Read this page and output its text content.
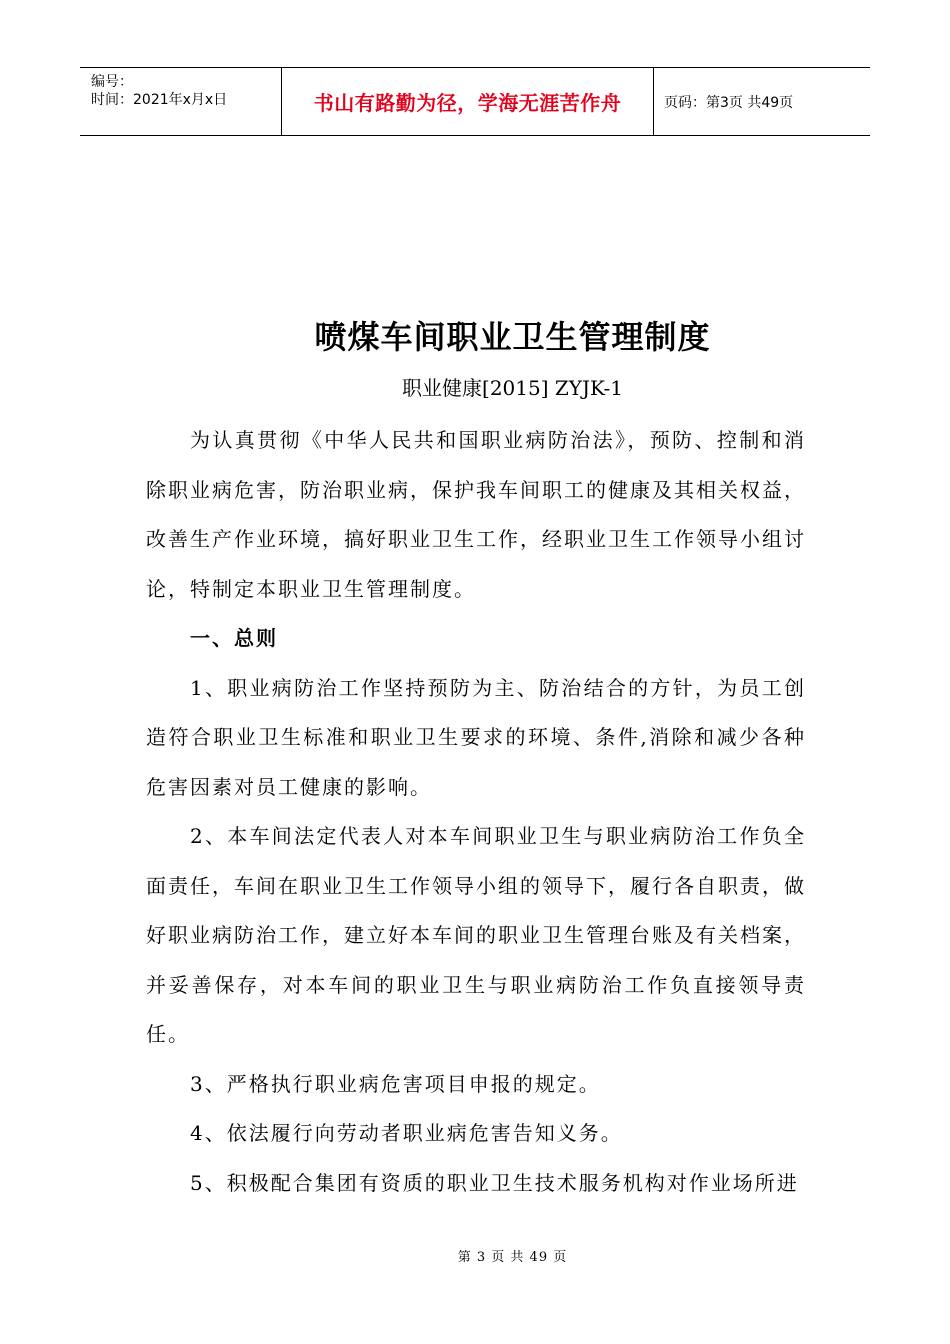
编号：
时间：2021年x月x日	书山有路勤为径，学海无涯苦作舟	页码：第3页 共49页
喷煤车间职业卫生管理制度
职业健康[2015] ZYJK-1

为认真贯彻《中华人民共和国职业病防治法》，预防、控制和消除职业病危害，防治职业病，保护我车间职工的健康及其相关权益，改善生产作业环境，搞好职业卫生工作，经职业卫生工作领导小组讨论，特制定本职业卫生管理制度。

一、总则

1、职业病防治工作坚持预防为主、防治结合的方针，为员工创造符合职业卫生标准和职业卫生要求的环境、条件,消除和减少各种危害因素对员工健康的影响。

2、本车间法定代表人对本车间职业卫生与职业病防治工作负全面责任，车间在职业卫生工作领导小组的领导下，履行各自职责，做好职业病防治工作，建立好本车间的职业卫生管理台账及有关档案，并妥善保存，对本车间的职业卫生与职业病防治工作负直接领导责任。

3、严格执行职业病危害项目申报的规定。

4、依法履行向劳动者职业病危害告知义务。

5、积极配合集团有资质的职业卫生技术服务机构对作业场所进

第 3 页 共 49 页
